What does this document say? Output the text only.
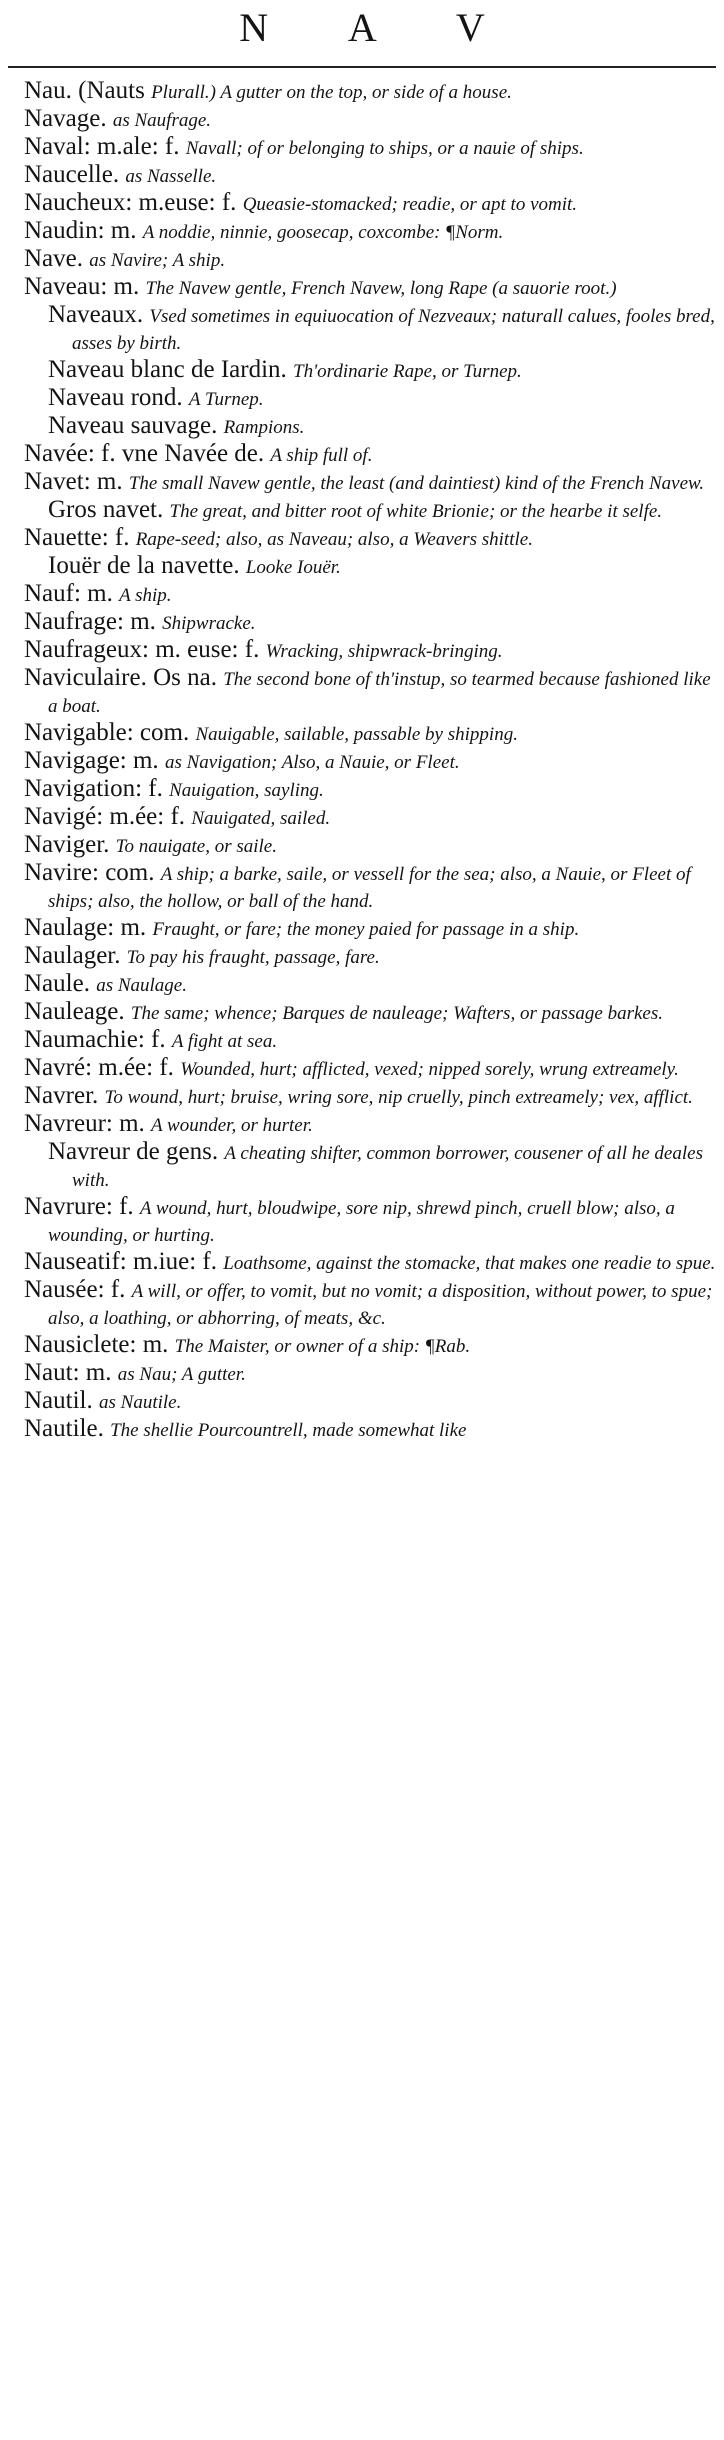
N A V
Nau. (Nauts Plurall.) A gutter on the top, or side of a house.
Navage. as Naufrage.
Naval: m.ale: f. Navall; of or belonging to ships, or a nauie of ships.
Naucelle. as Nasselle.
Naucheux: m.euse: f. Queasie-stomacked; readie, or apt to vomit.
Naudin: m. A noddie, ninnie, goosecap, coxcombe: ¶Norm.
Nave. as Navire; A ship.
Naveau: m. The Navew gentle, French Navew, long Rape (a sauorie root.)
Naveaux. Vsed sometimes in equiuocation of Nezveaux; naturall calues, fooles bred, asses by birth.
Naveau blanc de Iardin. Th'ordinarie Rape, or Turnep.
Naveau rond. A Turnep.
Naveau sauvage. Rampions.
Navée: f. vne Navée de. A ship full of.
Navet: m. The small Navew gentle, the least (and daintiest) kind of the French Navew.
Gros navet. The great, and bitter root of white Brionie; or the hearbe it selfe.
Nauette: f. Rape-seed; also, as Naveau; also, a Weavers shittle.
Iouër de la navette. Looke Iouër.
Nauf: m. A ship.
Naufrage: m. Shipwracke.
Naufrageux: m. euse: f. Wracking, shipwrack-bringing.
Naviculaire. Os na. The second bone of th'instup, so tearmed because fashioned like a boat.
Navigable: com. Nauigable, sailable, passable by shipping.
Navigage: m. as Navigation; Also, a Nauie, or Fleet.
Navigation: f. Nauigation, sayling.
Navigé: m.ée: f. Nauigated, sailed.
Naviger. To nauigate, or saile.
Navire: com. A ship; a barke, saile, or vessell for the sea; also, a Nauie, or Fleet of ships; also, the hollow, or ball of the hand.
Naulage: m. Fraught, or fare; the money paied for passage in a ship.
Naulager. To pay his fraught, passage, fare.
Naule. as Naulage.
Nauleage. The same; whence; Barques de nauleage; Wafters, or passage barkes.
Naumachie: f. A fight at sea.
Navré: m.ée: f. Wounded, hurt; afflicted, vexed; nipped sorely, wrung extreamely.
Navrer. To wound, hurt; bruise, wring sore, nip cruelly, pinch extreamely; vex, afflict.
Navreur: m. A wounder, or hurter.
Navreur de gens. A cheating shifter, common borrower, cousener of all he deales with.
Navrure: f. A wound, hurt, bloudwipe, sore nip, shrewd pinch, cruell blow; also, a wounding, or hurting.
Nauseatif: m.iue: f. Loathsome, against the stomacke, that makes one readie to spue.
Nausée: f. A will, or offer, to vomit, but no vomit; a disposition, without power, to spue; also, a loathing, or abhorring, of meats, &c.
Nausiclete: m. The Maister, or owner of a ship: ¶Rab.
Naut: m. as Nau; A gutter.
Nautil. as Nautile.
Nautile. The shellie Pourcountrell, made somewhat like
